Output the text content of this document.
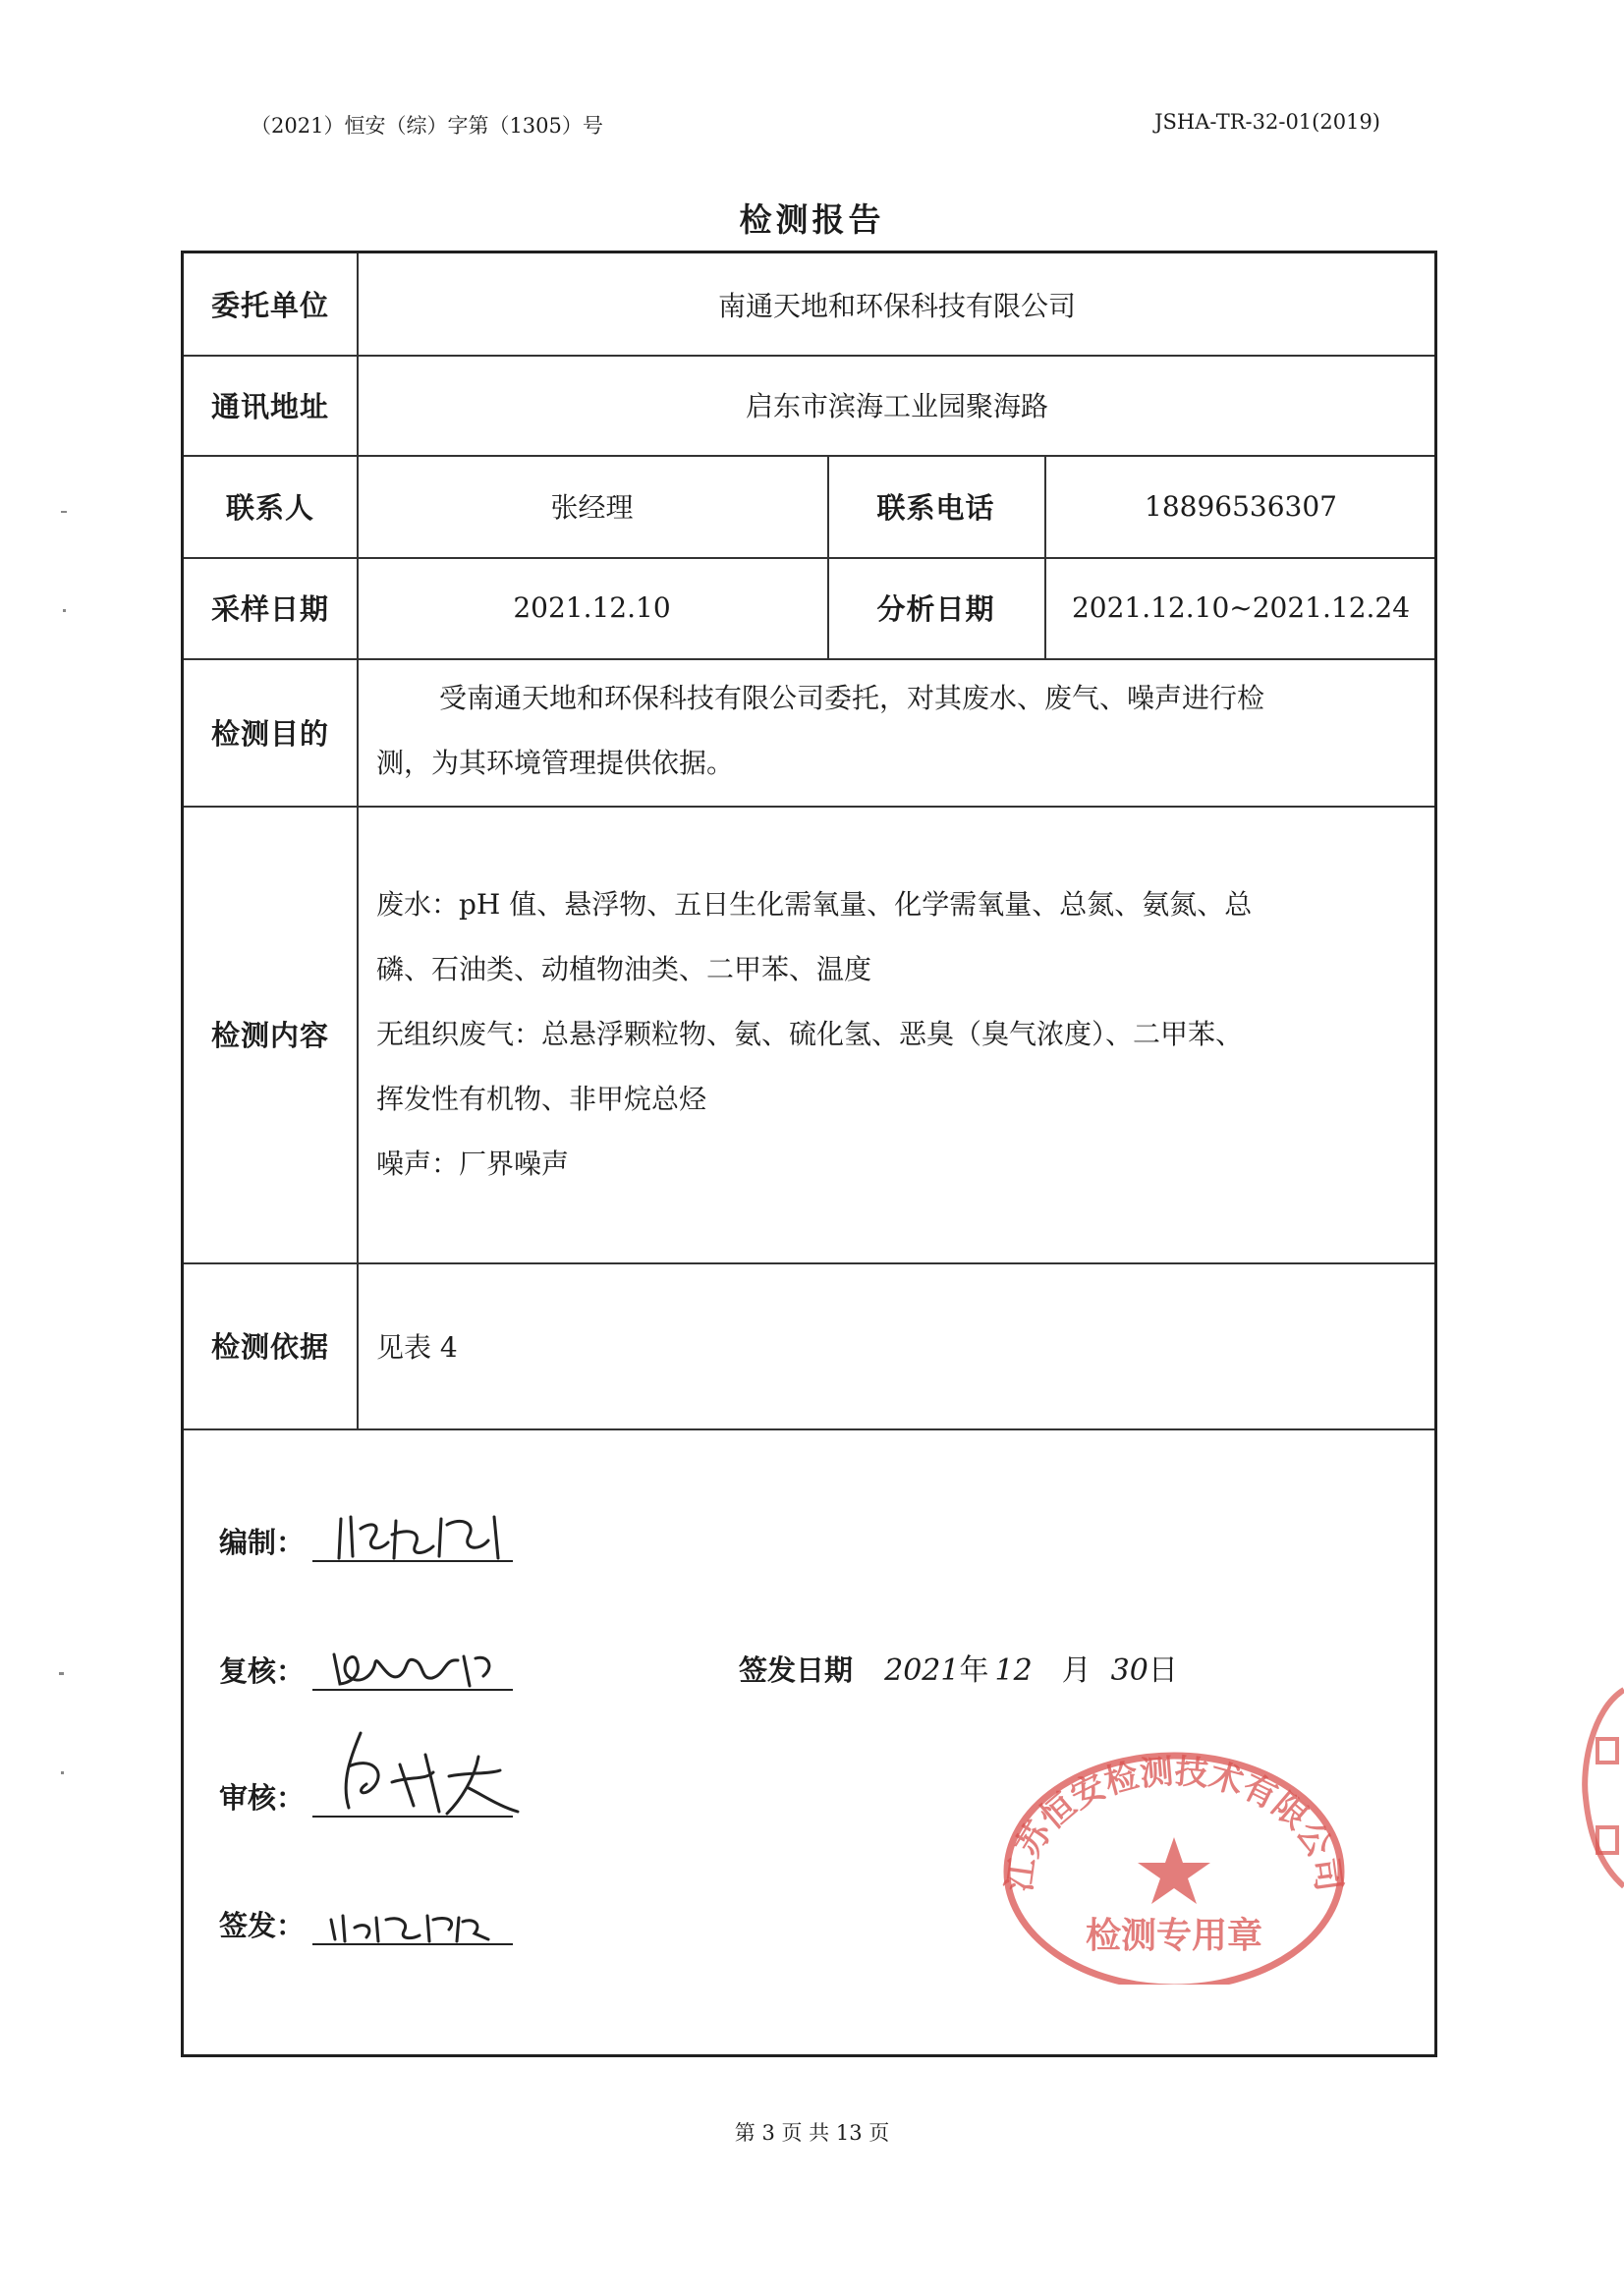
（2021）恒安（综）字第（1305）号	JSHA-TR-32-01(2019)
检测报告
委托单位	南通天地和环保科技有限公司
通讯地址	启东市滨海工业园聚海路
联系人	张经理	联系电话	18896536307
采样日期	2021.12.10	分析日期	2021.12.10~2021.12.24
检测目的
受南通天地和环保科技有限公司委托，对其废水、废气、噪声进行检
测，为其环境管理提供依据。
检测内容
废水：pH 值、悬浮物、五日生化需氧量、化学需氧量、总氮、氨氮、总
磷、石油类、动植物油类、二甲苯、温度
无组织废气：总悬浮颗粒物、氨、硫化氢、恶臭（臭气浓度）、二甲苯、
挥发性有机物、非甲烷总烃
噪声：厂界噪声
检测依据	见表 4
编制：
复核：
审核：
签发：
签发日期 2021年 12 月 30日
江苏恒安检测技术有限公司
检测专用章
第 3 页 共 13 页
